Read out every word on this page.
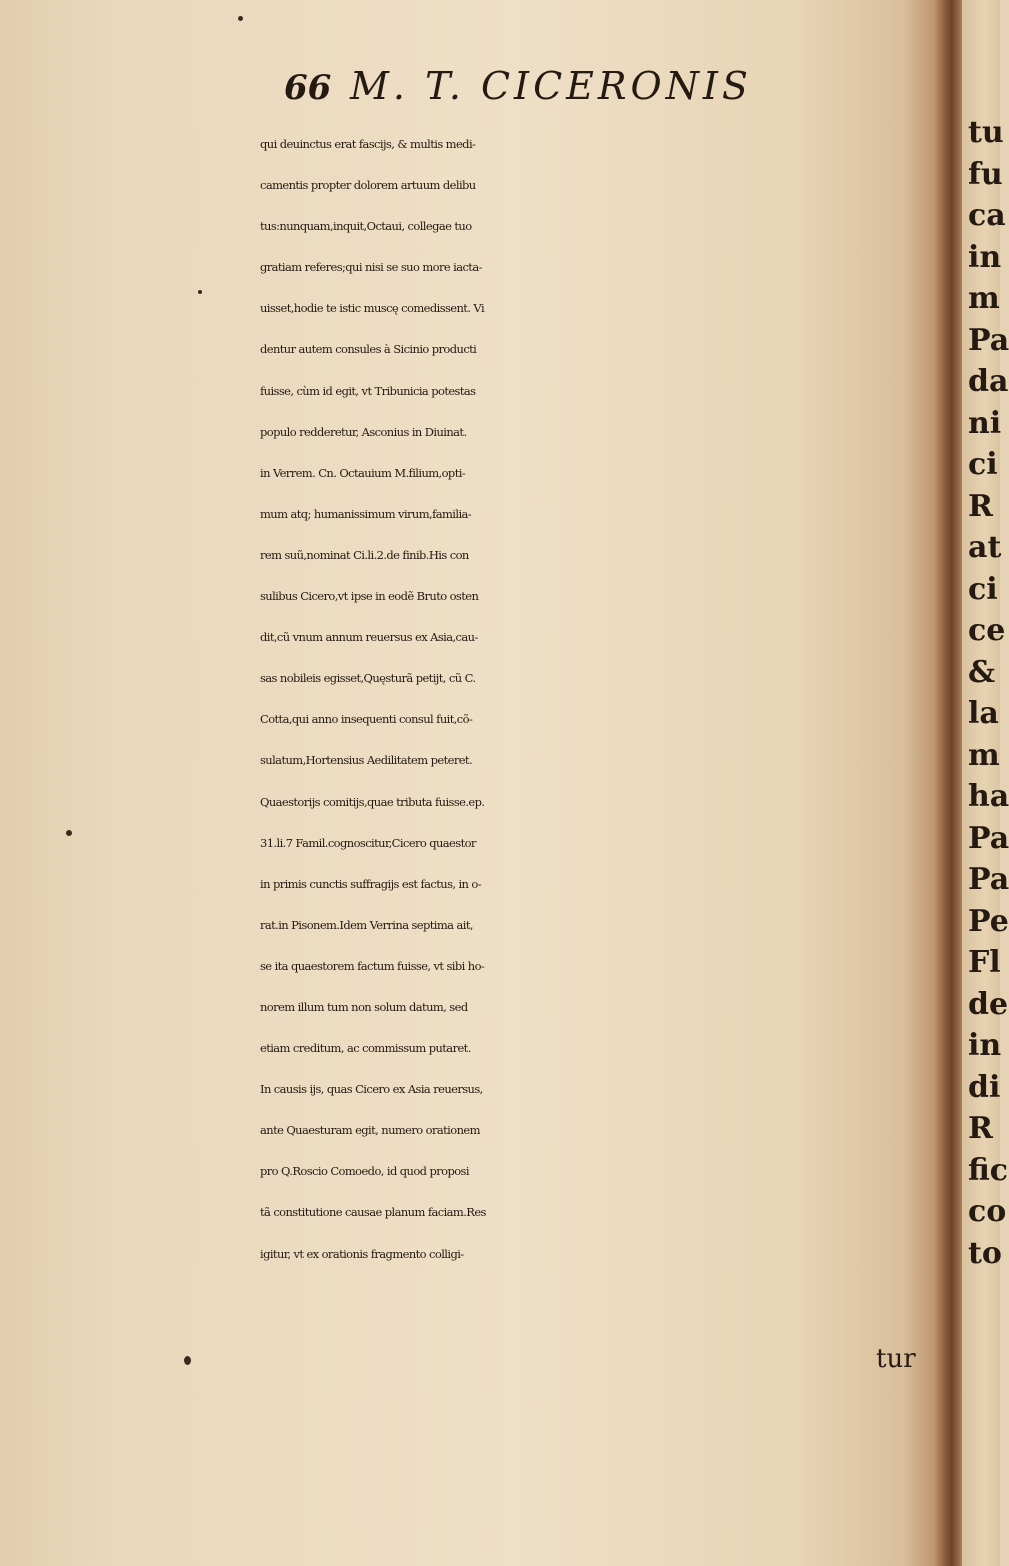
66 M. T. CICERONIS
qui deuinctus erat fascijs, & multis medi-
camentis propter dolorem artuum delibu
tus:nunquam,inquit,Octaui, collegae tuo
gratiam referes;qui nisi se suo more iacta-
uisset,hodie te istic muscę comedissent. Vi
dentur autem consules à Sicinio producti
fuisse, cùm id egit, vt Tribunicia potestas
populo redderetur, Asconius in Diuinat.
in Verrem. Cn. Octauium M.filium,opti-
mum atq; humanissimum virum,familia-
rem suũ,nominat Ci.li.2.de finib.His con
sulibus Cicero,vt ipse in eodẽ Bruto osten
dit,cũ vnum annum reuersus ex Asia,cau-
sas nobileis egisset,Quęsturã petijt, cũ C.
Cotta,qui anno insequenti consul fuit,cõ-
sulatum,Hortensius Aedilitatem peteret.
Quaestorijs comitijs,quae tributa fuisse.ep.
31.li.7 Famil.cognoscitur,Cicero quaestor
in primis cunctis suffragijs est factus, in o-
rat.in Pisonem.Idem Verrina septima ait,
se ita quaestorem factum fuisse, vt sibi ho-
norem illum tum non solum datum, sed
etiam creditum, ac commissum putaret.
In causis ijs, quas Cicero ex Asia reuersus,
ante Quaesturam egit, numero orationem
pro Q.Roscio Comoedo, id quod proposi
tã constitutione causae planum faciam.Res
igitur, vt ex orationis fragmento colligi-
tur
tu
fu
ca
in
m
Pa
da
ni
ci
R
at
ci
ce
&
la
m
ha
Pa
Pa
Pe
Fl
de
in
di
R
fic
co
to
